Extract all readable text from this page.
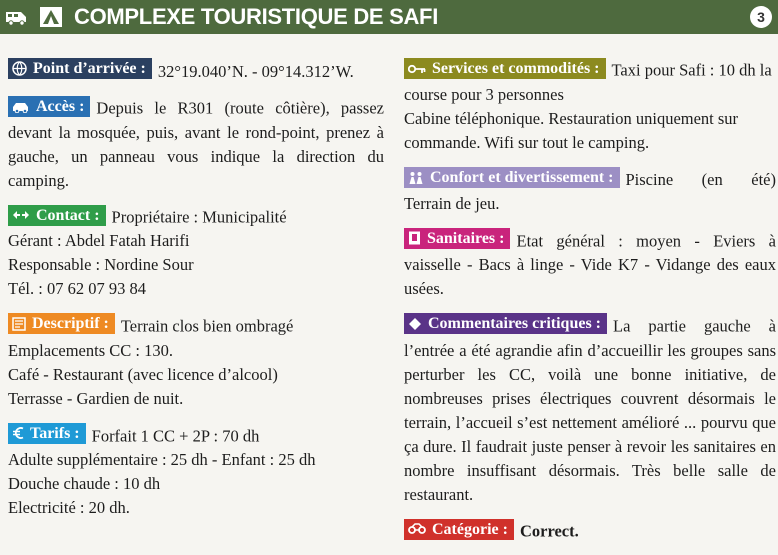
COMPLEXE TOURISTIQUE DE SAFI	3

Point d’arrivée : 32°19.040’N. - 09°14.312’W.

Accès : Depuis le R301 (route côtière), passez devant la mosquée, puis, avant le rond-point, prenez à gauche, un panneau vous indique la direction du camping.

Contact : Propriétaire : Municipalité

Gérant : Abdel Fatah Harifi

Responsable : Nordine Sour

Tél. : 07 62 07 93 84

Descriptif : Terrain clos bien ombragé

Emplacements CC : 130.

Café - Restaurant (avec licence d’alcool)

Terrasse - Gardien de nuit.

Tarifs : Forfait 1 CC + 2P : 70 dh

Adulte supplémentaire : 25 dh - Enfant : 25 dh

Douche chaude : 10 dh

Electricité : 20 dh.

Services et commodités : Taxi pour Safi : 10 dh la course pour 3 personnes

Cabine téléphonique. Restauration uniquement sur commande. Wifi sur tout le camping.

Confort et divertissement : Piscine (en été) Terrain de jeu.

Sanitaires : Etat général : moyen - Eviers à vaisselle - Bacs à linge - Vide K7 - Vidange des eaux usées.

Commentaires critiques : La partie gauche à l’entrée a été agrandie afin d’accueillir les groupes sans perturber les CC, voilà une bonne initiative, de nombreuses prises électriques couvrent désormais le terrain, l’accueil s’est nettement amélioré ... pourvu que ça dure. Il faudrait juste penser à revoir les sanitaires en nombre insuffisant désormais. Très belle salle de restaurant.

Catégorie : Correct.
